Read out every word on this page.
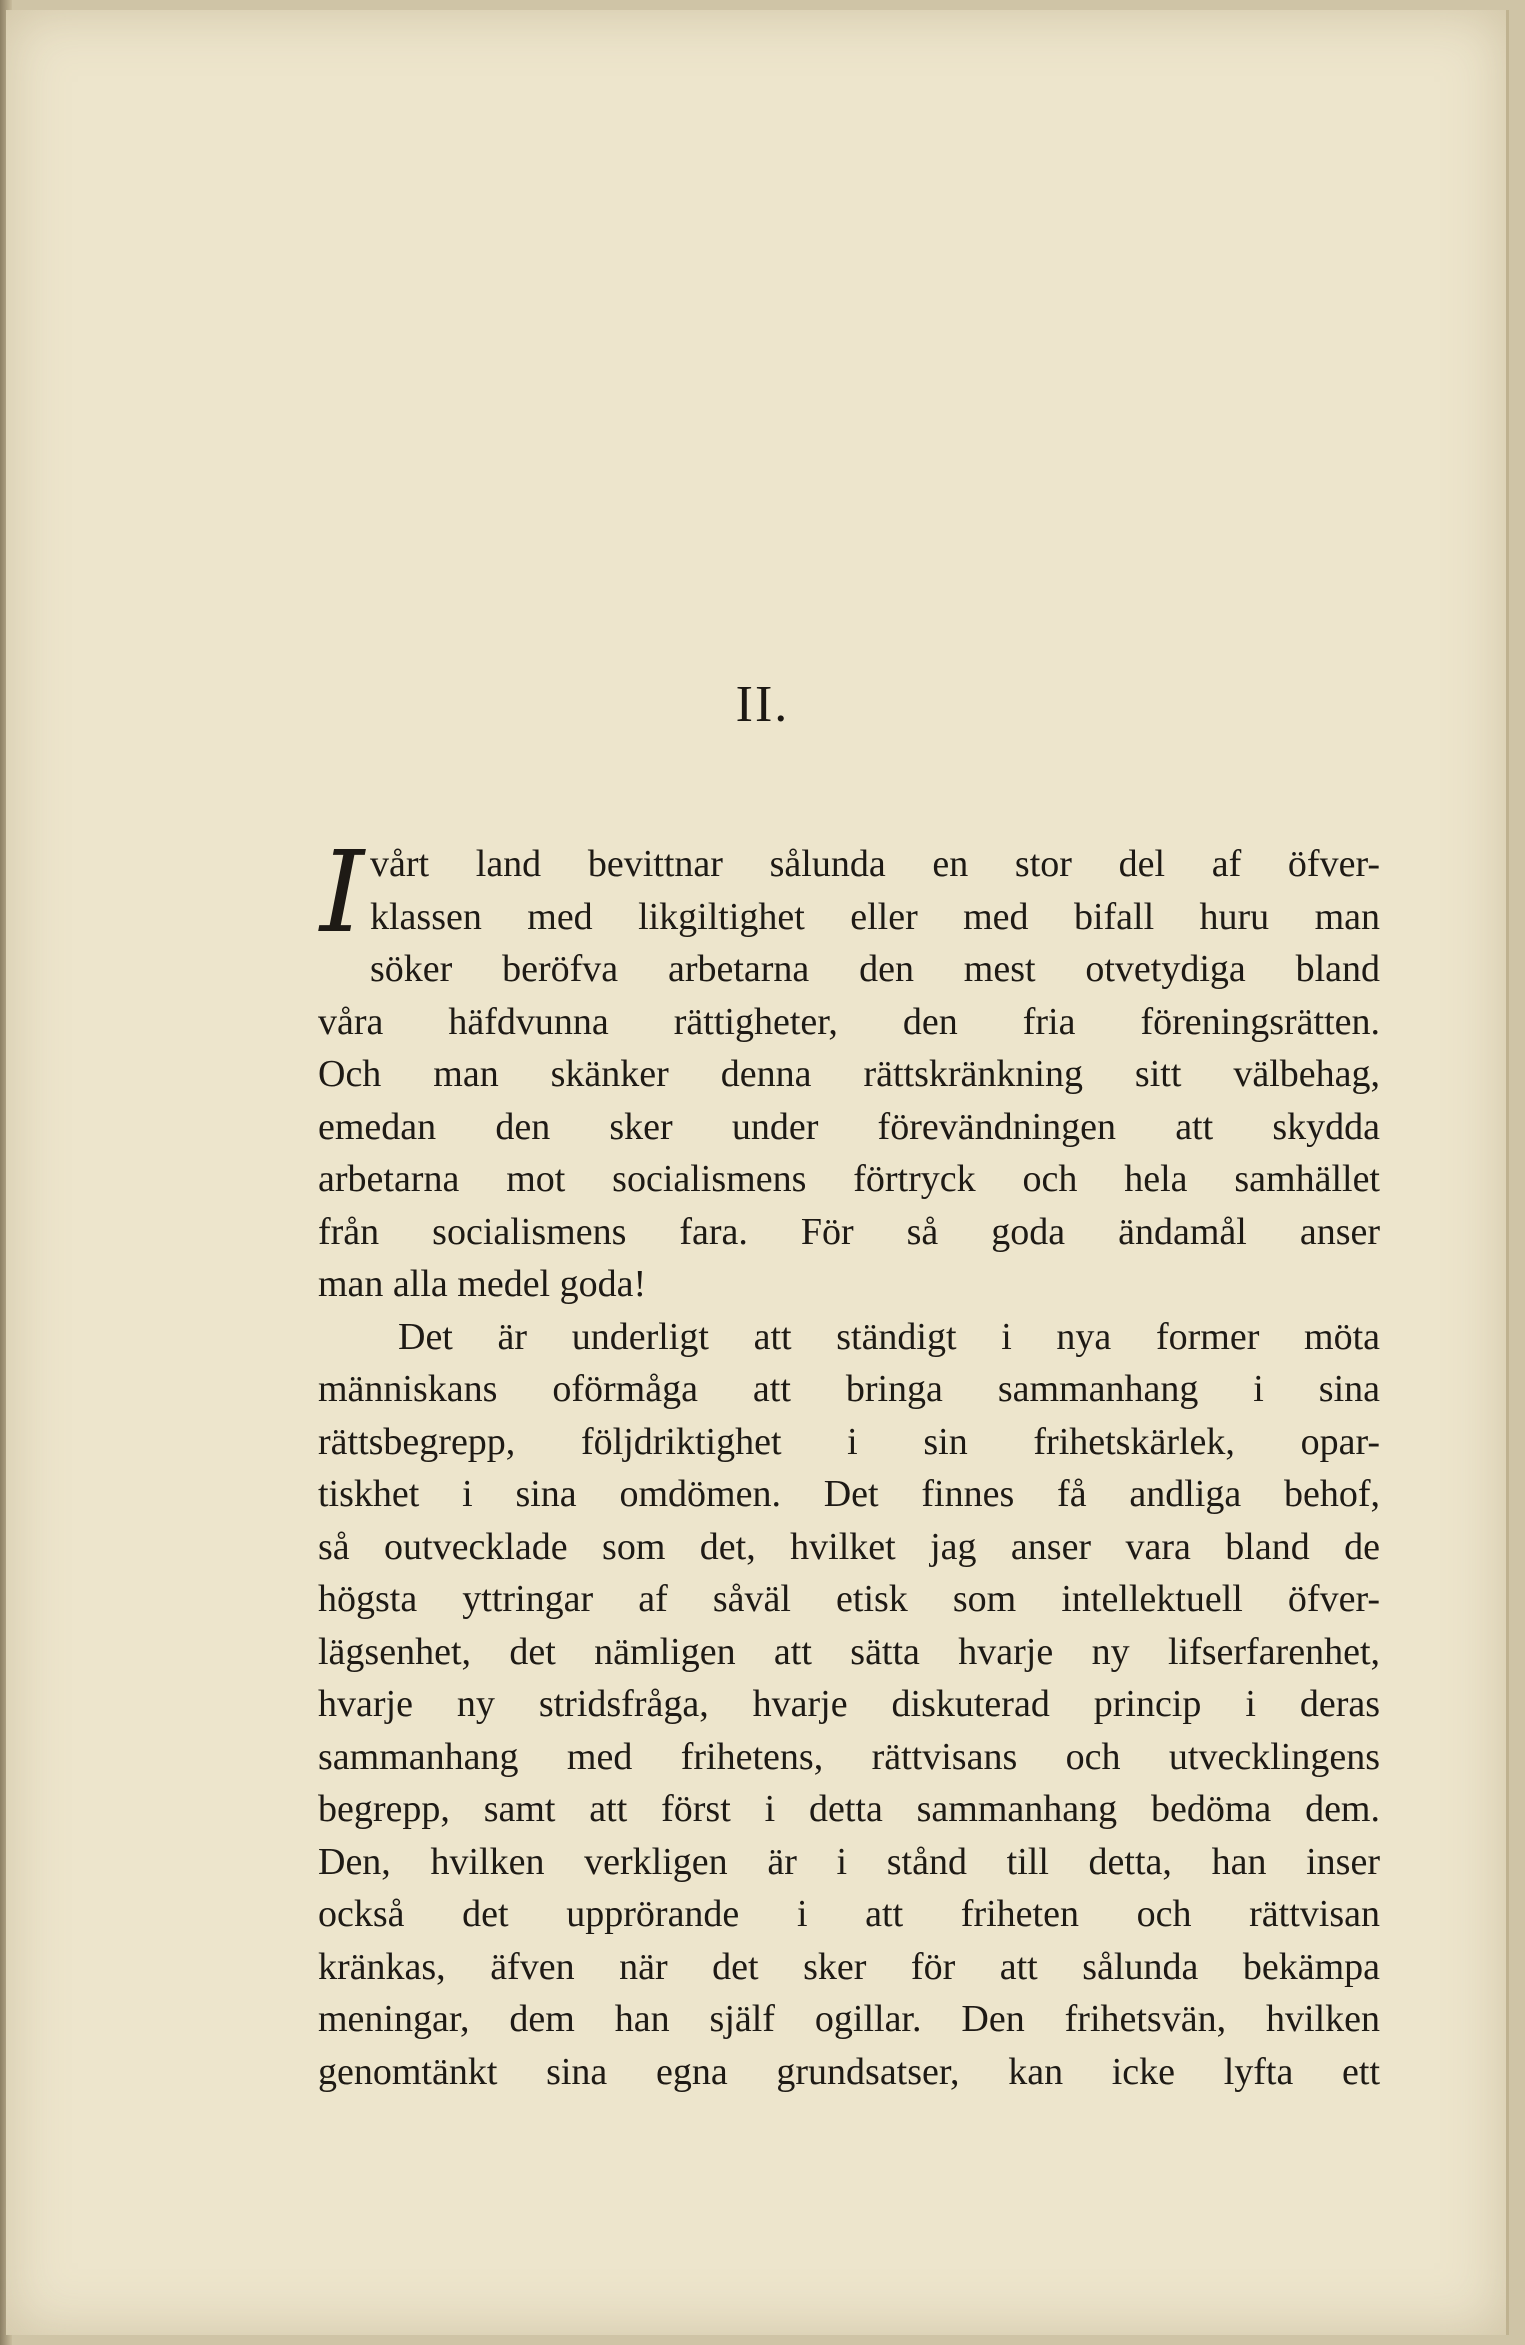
II.
I vårt land bevittnar sålunda en stor del af öfver-
klassen med likgiltighet eller med bifall huru man
söker beröfva arbetarna den mest otvetydiga bland
våra häfdvunna rättigheter, den fria föreningsrätten.
Och man skänker denna rättskränkning sitt välbehag,
emedan den sker under förevändningen att skydda
arbetarna mot socialismens förtryck och hela samhället
från socialismens fara. För så goda ändamål anser
man alla medel goda!
Det är underligt att ständigt i nya former möta
människans oförmåga att bringa sammanhang i sina
rättsbegrepp, följdriktighet i sin frihetskärlek, opar-
tiskhet i sina omdömen. Det finnes få andliga behof,
så outvecklade som det, hvilket jag anser vara bland de
högsta yttringar af såväl etisk som intellektuell öfver-
lägsenhet, det nämligen att sätta hvarje ny lifserfarenhet,
hvarje ny stridsfråga, hvarje diskuterad princip i deras
sammanhang med frihetens, rättvisans och utvecklingens
begrepp, samt att först i detta sammanhang bedöma dem.
Den, hvilken verkligen är i stånd till detta, han inser
också det upprörande i att friheten och rättvisan
kränkas, äfven när det sker för att sålunda bekämpa
meningar, dem han själf ogillar. Den frihetsvän, hvilken
genomtänkt sina egna grundsatser, kan icke lyfta ett
